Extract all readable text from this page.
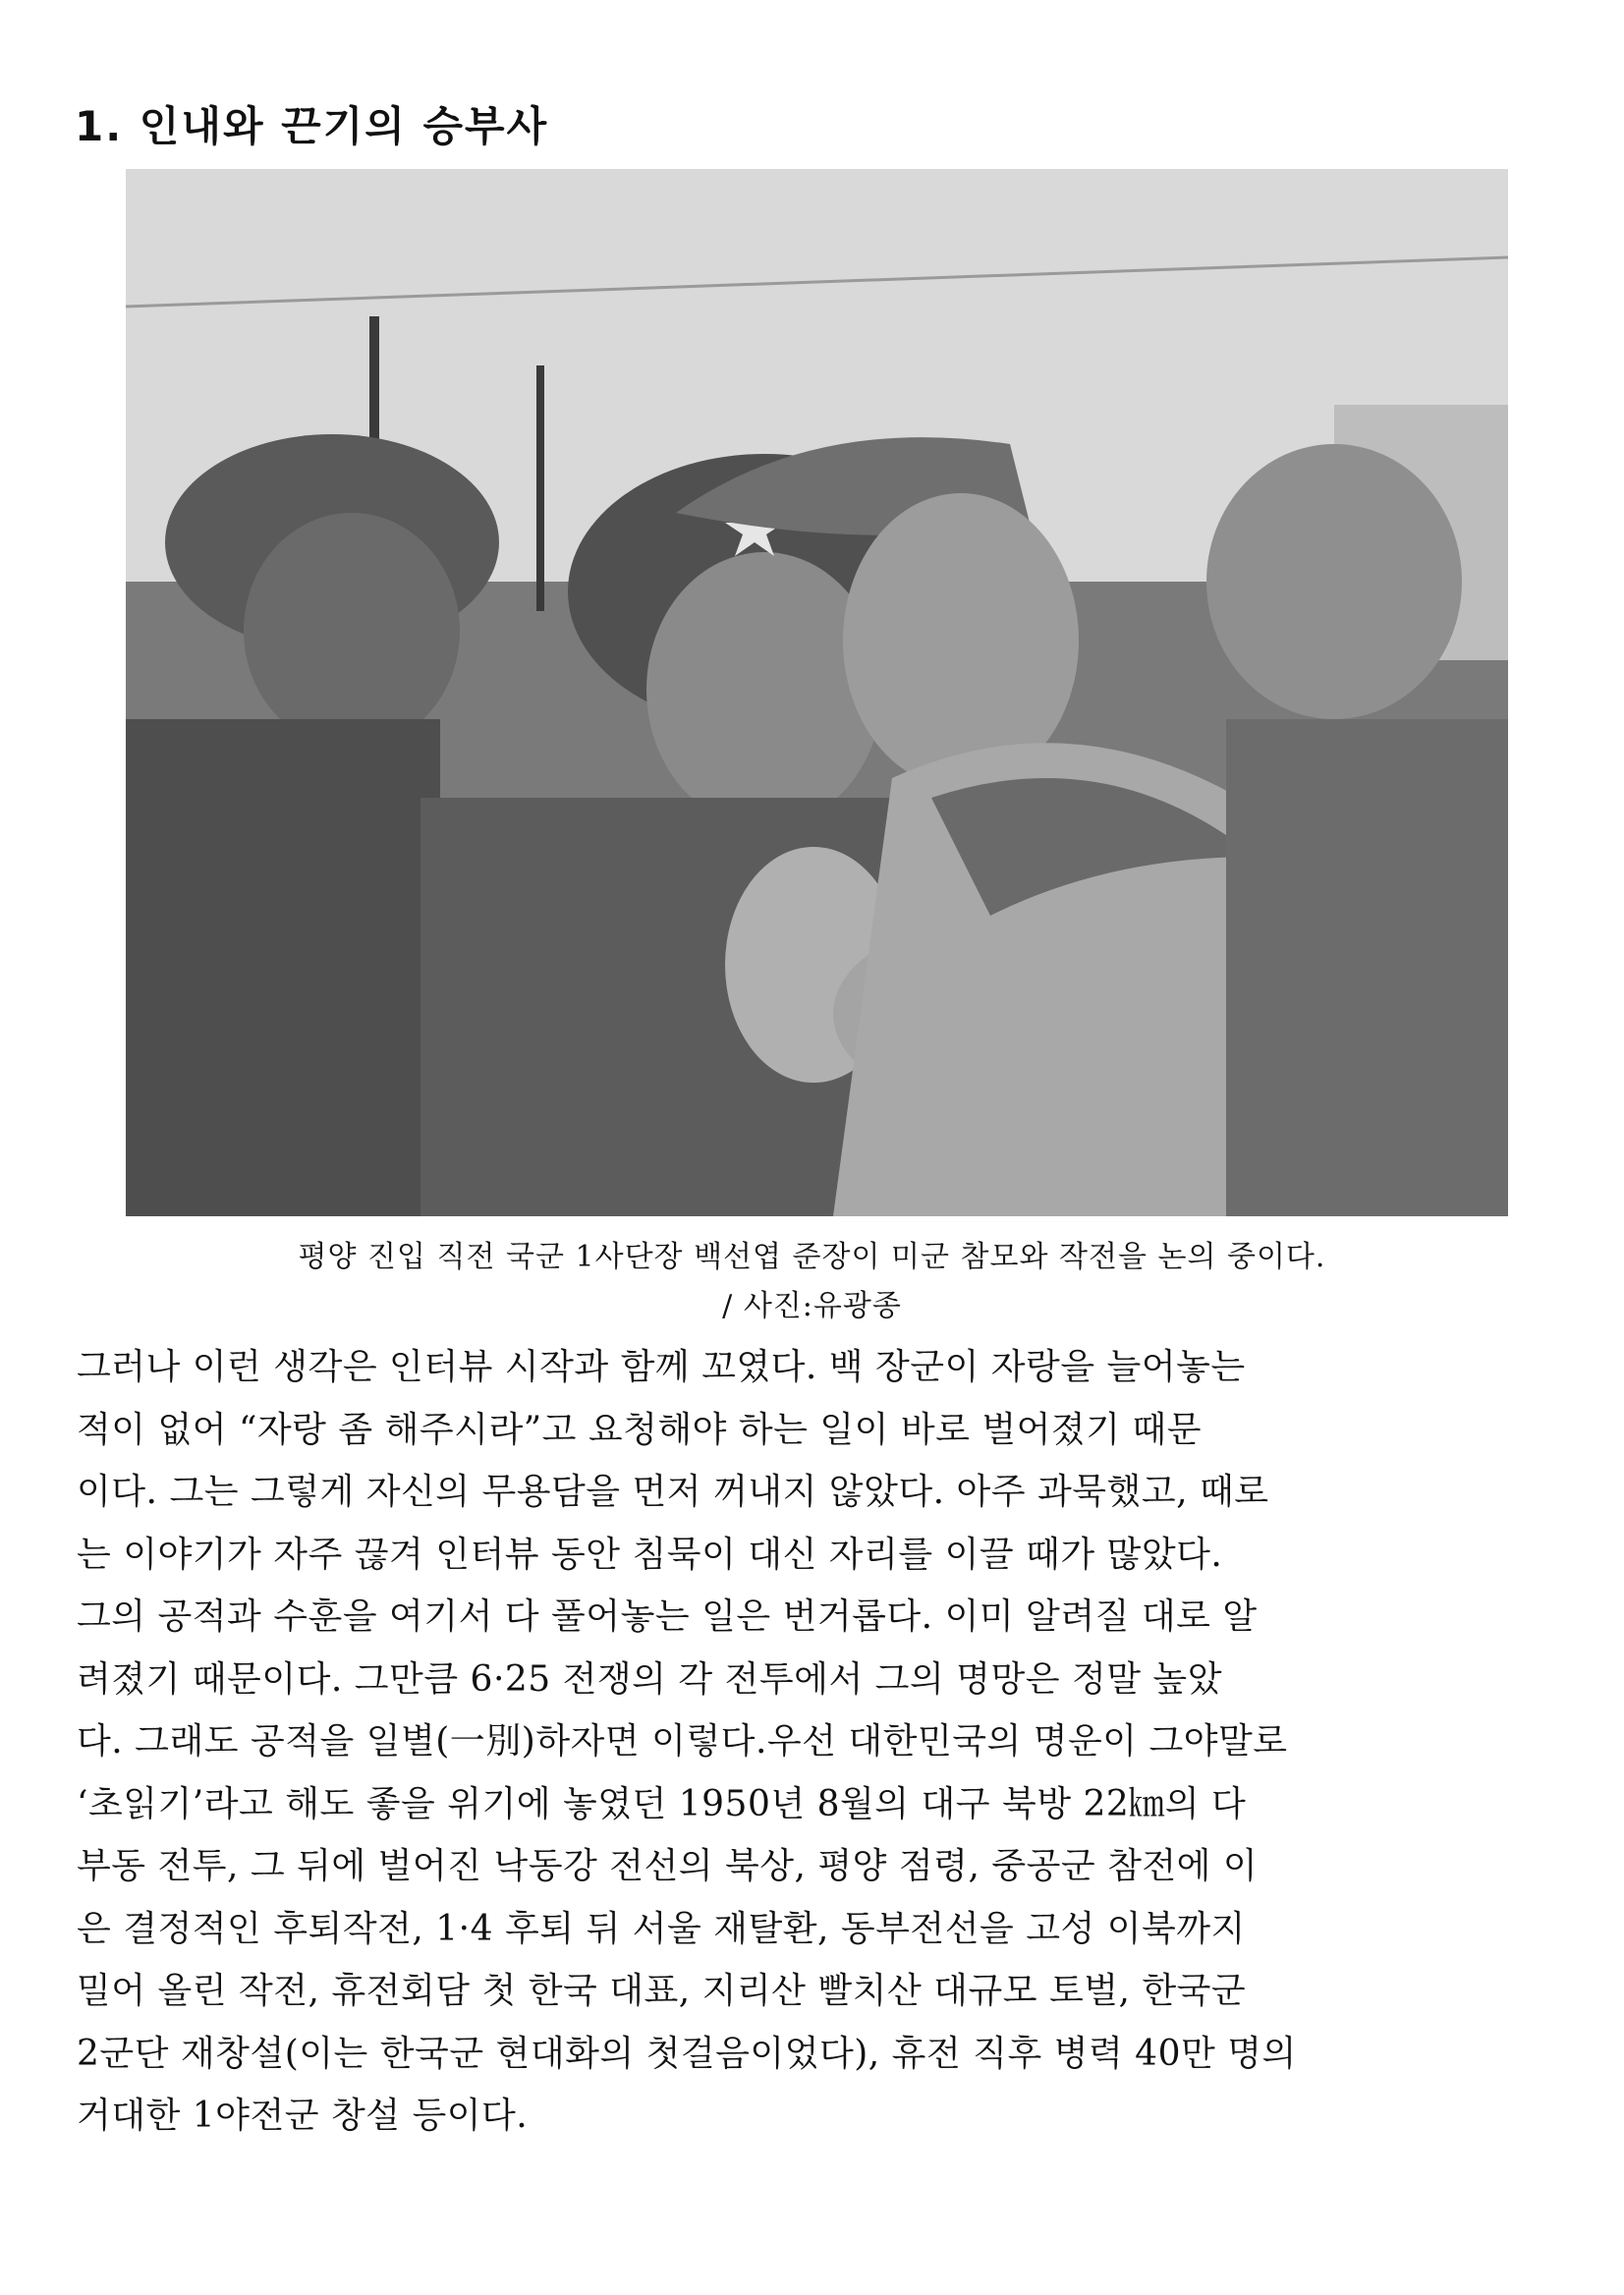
1. 인내와 끈기의 승부사
평양 진입 직전 국군 1사단장 백선엽 준장이 미군 참모와 작전을 논의 중이다.
/ 사진:유광종
그러나 이런 생각은 인터뷰 시작과 함께 꼬였다. 백 장군이 자랑을 늘어놓는
적이 없어 “자랑 좀 해주시라”고 요청해야 하는 일이 바로 벌어졌기 때문
이다. 그는 그렇게 자신의 무용담을 먼저 꺼내지 않았다. 아주 과묵했고, 때로
는 이야기가 자주 끊겨 인터뷰 동안 침묵이 대신 자리를 이끌 때가 많았다.
그의 공적과 수훈을 여기서 다 풀어놓는 일은 번거롭다. 이미 알려질 대로 알
려졌기 때문이다. 그만큼 6·25 전쟁의 각 전투에서 그의 명망은 정말 높았
다. 그래도 공적을 일별(一別)하자면 이렇다.우선 대한민국의 명운이 그야말로
‘초읽기’라고 해도 좋을 위기에 놓였던 1950년 8월의 대구 북방 22㎞의 다
부동 전투, 그 뒤에 벌어진 낙동강 전선의 북상, 평양 점령, 중공군 참전에 이
은 결정적인 후퇴작전, 1·4 후퇴 뒤 서울 재탈환, 동부전선을 고성 이북까지
밀어 올린 작전, 휴전회담 첫 한국 대표, 지리산 빨치산 대규모 토벌, 한국군
2군단 재창설(이는 한국군 현대화의 첫걸음이었다), 휴전 직후 병력 40만 명의
거대한 1야전군 창설 등이다.
